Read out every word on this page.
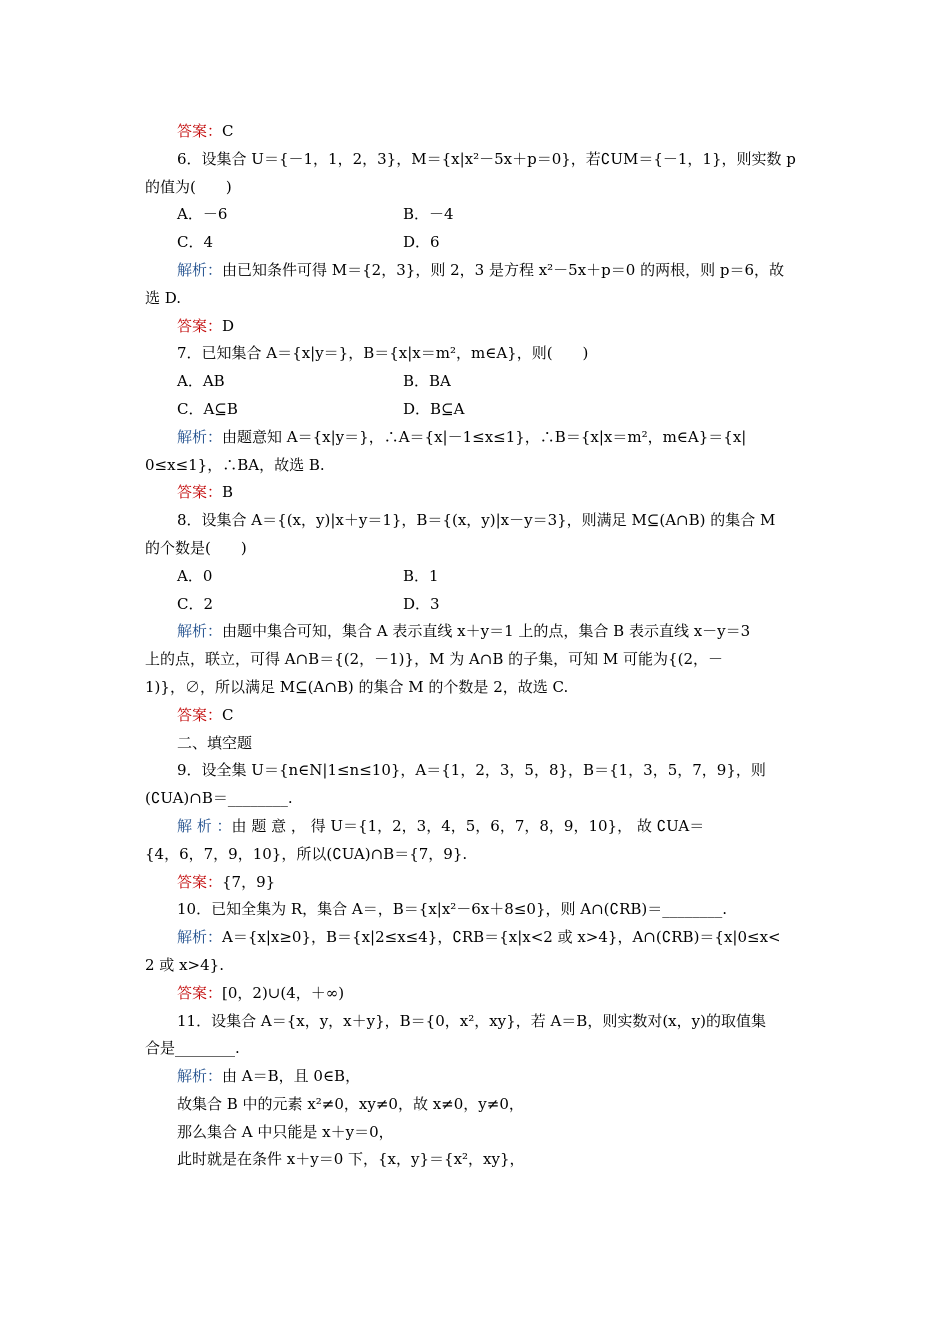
答案：C
6．设集合 U＝{－1，1，2，3}，M＝{x|x²－5x＋p＝0}，若∁UM＝{－1，1}，则实数 p
的值为(　　)
A．－6	B．－4
C．4	D．6
解析：由已知条件可得 M＝{2，3}，则 2，3 是方程 x²－5x＋p＝0 的两根，则 p＝6，故
选 D.
答案：D
7．已知集合 A＝{x|y＝}，B＝{x|x＝m²，m∈A}，则(　　)
A．AB	B．BA
C．A⊆B	D．B⊆A
解析：由题意知 A＝{x|y＝}，∴A＝{x|－1≤x≤1}，∴B＝{x|x＝m²，m∈A}＝{x|
0≤x≤1}，∴BA，故选 B.
答案：B
8．设集合 A＝{(x，y)|x＋y＝1}，B＝{(x，y)|x－y＝3}，则满足 M⊆(A∩B) 的集合 M
的个数是(　　)
A．0	B．1
C．2	D．3
解析：由题中集合可知，集合 A 表示直线 x＋y＝1 上的点，集合 B 表示直线 x－y＝3
上的点，联立，可得 A∩B＝{(2，－1)}，M 为 A∩B 的子集，可知 M 可能为{(2，－
1)}，∅，所以满足 M⊆(A∩B) 的集合 M 的个数是 2，故选 C.
答案：C
二、填空题
9．设全集 U＝{n∈N|1≤n≤10}，A＝{1，2，3，5，8}，B＝{1，3，5，7，9}，则
(∁UA)∩B＝________.
解 析 ：由 题 意 ， 得 U＝{1，2，3，4，5，6，7，8，9，10}， 故 ∁UA＝
{4，6，7，9，10}，所以(∁UA)∩B＝{7，9}.
答案：{7，9}
10．已知全集为 R，集合 A＝，B＝{x|x²－6x＋8≤0}，则 A∩(∁RB)＝________.
解析：A＝{x|x≥0}，B＝{x|2≤x≤4}，∁RB＝{x|x<2 或 x>4}，A∩(∁RB)＝{x|0≤x<
2 或 x>4}.
答案：[0，2)∪(4，＋∞)
11．设集合 A＝{x，y，x＋y}，B＝{0，x²，xy}，若 A＝B，则实数对(x，y)的取值集
合是________.
解析：由 A＝B，且 0∈B，
故集合 B 中的元素 x²≠0，xy≠0，故 x≠0，y≠0，
那么集合 A 中只能是 x＋y＝0，
此时就是在条件 x＋y＝0 下，{x，y}＝{x²，xy}，
